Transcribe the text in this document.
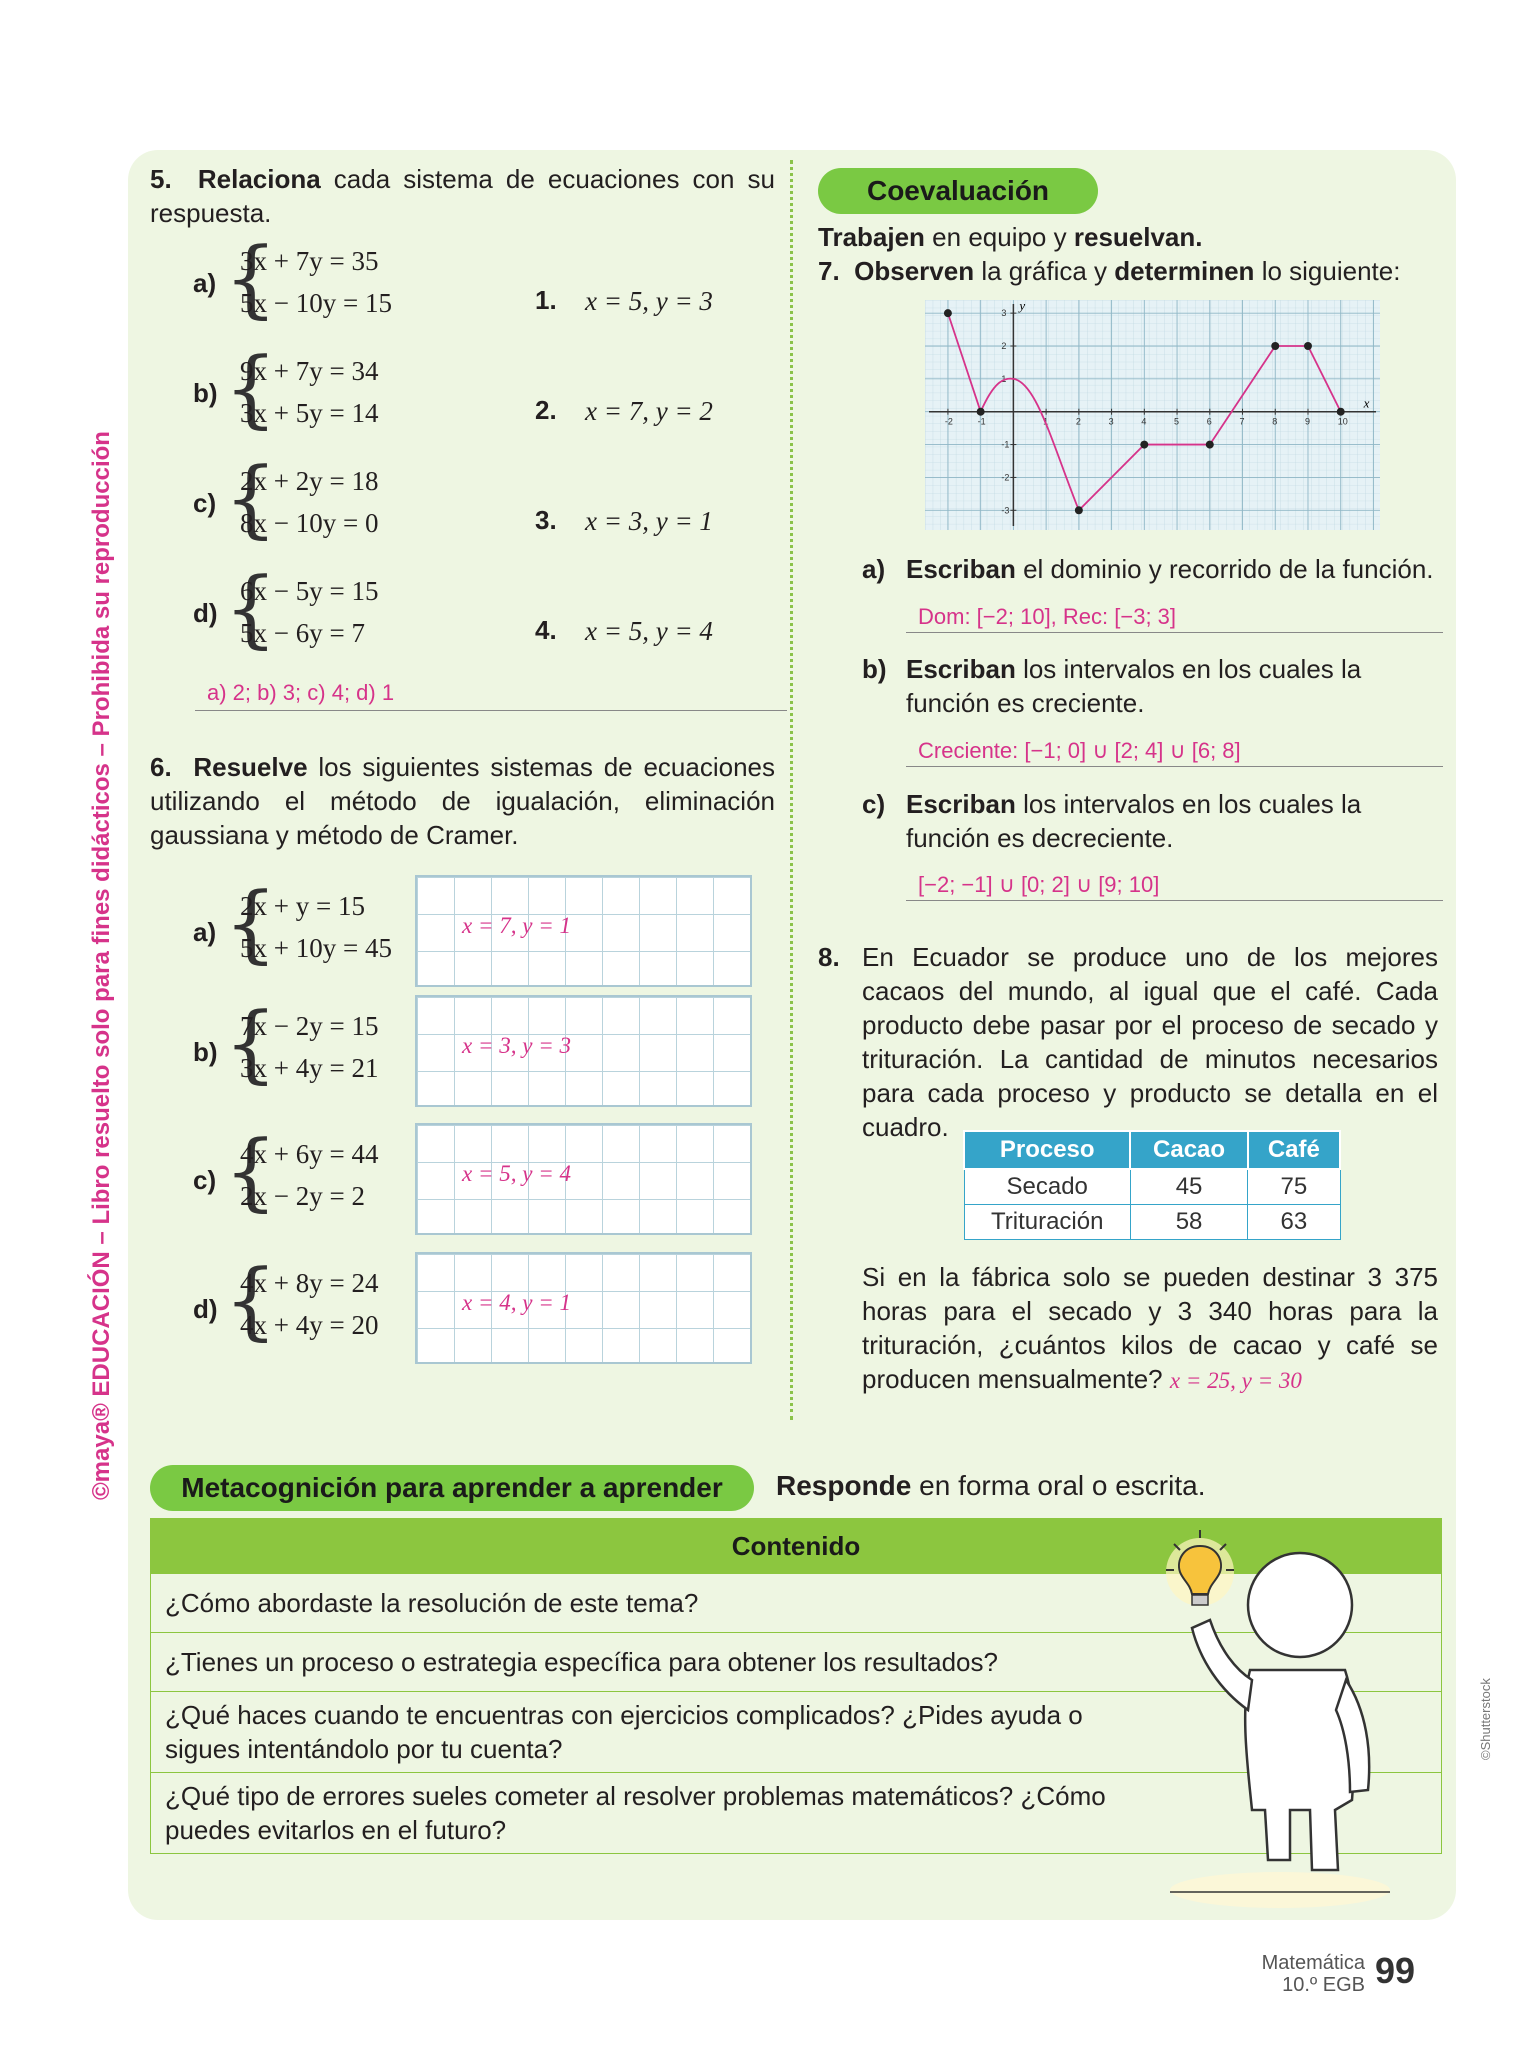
©maya® EDUCACIÓN – Libro resuelto solo para fines didácticos – Prohibida su reproducción
©Shutterstock
5. Relaciona cada sistema de ecuaciones con su respuesta.
a) {
3x + 7y = 35
5x − 10y = 15
b) {
9x + 7y = 34
3x + 5y = 14
c) {
2x + 2y = 18
8x − 10y = 0
d) {
6x − 5y = 15
5x − 6y = 7
1. x = 5, y = 3
2. x = 7, y = 2
3. x = 3, y = 1
4. x = 5, y = 4
a) 2; b) 3; c) 4; d) 1
6. Resuelve los siguientes sistemas de ecuaciones utilizando el método de igualación, eliminación gaussiana y método de Cramer.
a) {
2x + y = 15
5x + 10y = 45
x = 7, y = 1
b) {
7x − 2y = 15
3x + 4y = 21
x = 3, y = 3
c) {
4x + 6y = 44
2x − 2y = 2
x = 5, y = 4
d) {
4x + 8y = 24
4x + 4y = 20
x = 4, y = 1
Coevaluación
Trabajen en equipo y resuelvan.
7. Observen la gráfica y determinen lo siguiente:
x
y
-2	-1	1	2	3	4	5	6	7	8	9	10
3
2
1
-1
-2
-3
a) Escriban el dominio y recorrido de la función.
Dom: [−2; 10], Rec: [−3; 3]
b) Escriban los intervalos en los cuales la función es creciente.
Creciente: [−1; 0] ∪ [2; 4] ∪ [6; 8]
c) Escriban los intervalos en los cuales la función es decreciente.
[−2; −1] ∪ [0; 2] ∪ [9; 10]
8. En Ecuador se produce uno de los mejores cacaos del mundo, al igual que el café. Cada producto debe pasar por el proceso de secado y trituración. La cantidad de minutos necesarios para cada proceso y producto se detalla en el cuadro.
Proceso	Cacao	Café
Secado	45	75
Trituración	58	63
Si en la fábrica solo se pueden destinar 3 375 horas para el secado y 3 340 horas para la trituración, ¿cuántos kilos de cacao y café se producen mensualmente? x = 25, y = 30
Metacognición para aprender a aprender	Responde en forma oral o escrita.
Contenido
¿Cómo abordaste la resolución de este tema?
¿Tienes un proceso o estrategia específica para obtener los resultados?
¿Qué haces cuando te encuentras con ejercicios complicados? ¿Pides ayuda o sigues intentándolo por tu cuenta?
¿Qué tipo de errores sueles cometer al resolver problemas matemáticos? ¿Cómo puedes evitarlos en el futuro?
Matemática
10.º EGB 99
